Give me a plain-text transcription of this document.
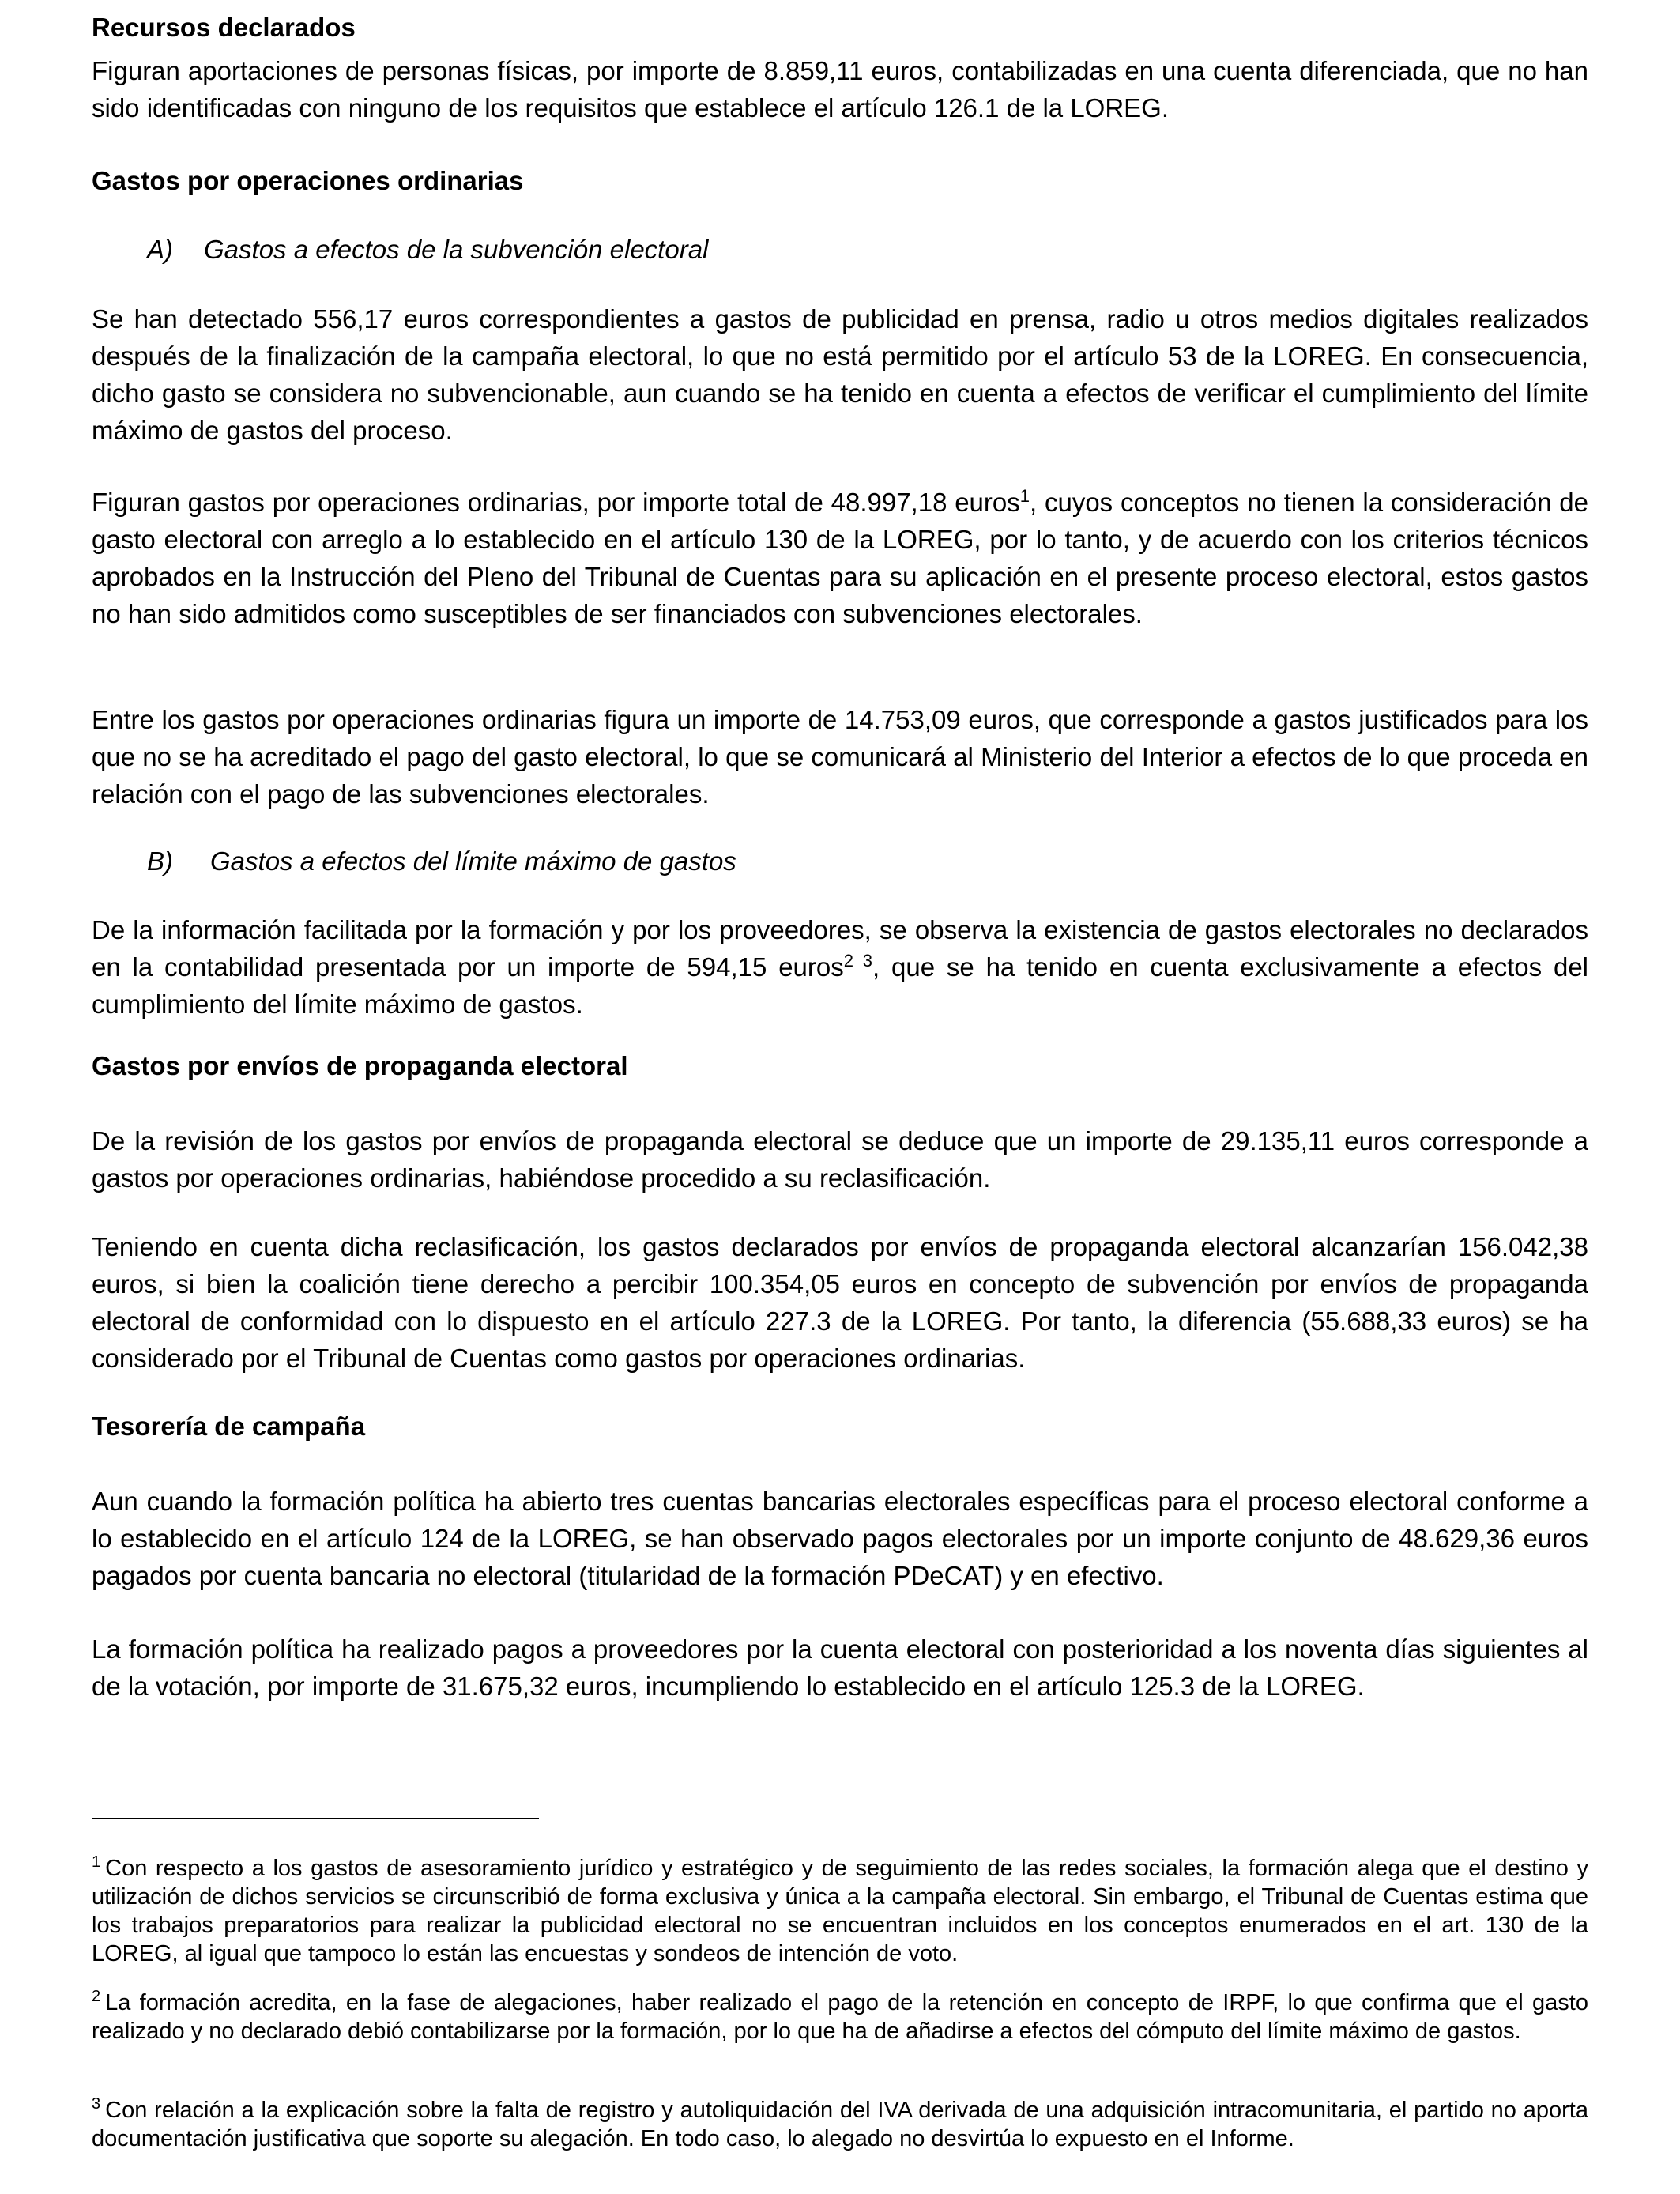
Recursos declarados

Figuran aportaciones de personas físicas, por importe de 8.859,11 euros, contabilizadas en una cuenta diferenciada, que no han sido identificadas con ninguno de los requisitos que establece el artículo 126.1 de la LOREG.

Gastos por operaciones ordinarias

A) Gastos a efectos de la subvención electoral

Se han detectado 556,17 euros correspondientes a gastos de publicidad en prensa, radio u otros medios digitales realizados después de la finalización de la campaña electoral, lo que no está permitido por el artículo 53 de la LOREG. En consecuencia, dicho gasto se considera no subvencionable, aun cuando se ha tenido en cuenta a efectos de verificar el cumplimiento del límite máximo de gastos del proceso.

Figuran gastos por operaciones ordinarias, por importe total de 48.997,18 euros$^1$, cuyos conceptos no tienen la consideración de gasto electoral con arreglo a lo establecido en el artículo 130 de la LOREG, por lo tanto, y de acuerdo con los criterios técnicos aprobados en la Instrucción del Pleno del Tribunal de Cuentas para su aplicación en el presente proceso electoral, estos gastos no han sido admitidos como susceptibles de ser financiados con subvenciones electorales.

Entre los gastos por operaciones ordinarias figura un importe de 14.753,09 euros, que corresponde a gastos justificados para los que no se ha acreditado el pago del gasto electoral, lo que se comunicará al Ministerio del Interior a efectos de lo que proceda en relación con el pago de las subvenciones electorales.

B) Gastos a efectos del límite máximo de gastos

De la información facilitada por la formación y por los proveedores, se observa la existencia de gastos electorales no declarados en la contabilidad presentada por un importe de 594,15 euros$^{2 3}$, que se ha tenido en cuenta exclusivamente a efectos del cumplimiento del límite máximo de gastos.

Gastos por envíos de propaganda electoral

De la revisión de los gastos por envíos de propaganda electoral se deduce que un importe de 29.135,11 euros corresponde a gastos por operaciones ordinarias, habiéndose procedido a su reclasificación.

Teniendo en cuenta dicha reclasificación, los gastos declarados por envíos de propaganda electoral alcanzarían 156.042,38 euros, si bien la coalición tiene derecho a percibir 100.354,05 euros en concepto de subvención por envíos de propaganda electoral de conformidad con lo dispuesto en el artículo 227.3 de la LOREG. Por tanto, la diferencia (55.688,33 euros) se ha considerado por el Tribunal de Cuentas como gastos por operaciones ordinarias.

Tesorería de campaña

Aun cuando la formación política ha abierto tres cuentas bancarias electorales específicas para el proceso electoral conforme a lo establecido en el artículo 124 de la LOREG, se han observado pagos electorales por un importe conjunto de 48.629,36 euros pagados por cuenta bancaria no electoral (titularidad de la formación PDeCAT) y en efectivo.

La formación política ha realizado pagos a proveedores por la cuenta electoral con posterioridad a los noventa días siguientes al de la votación, por importe de 31.675,32 euros, incumpliendo lo establecido en el artículo 125.3 de la LOREG.

$^1$ Con respecto a los gastos de asesoramiento jurídico y estratégico y de seguimiento de las redes sociales, la formación alega que el destino y utilización de dichos servicios se circunscribió de forma exclusiva y única a la campaña electoral. Sin embargo, el Tribunal de Cuentas estima que los trabajos preparatorios para realizar la publicidad electoral no se encuentran incluidos en los conceptos enumerados en el art. 130 de la LOREG, al igual que tampoco lo están las encuestas y sondeos de intención de voto.

$^2$ La formación acredita, en la fase de alegaciones, haber realizado el pago de la retención en concepto de IRPF, lo que confirma que el gasto realizado y no declarado debió contabilizarse por la formación, por lo que ha de añadirse a efectos del cómputo del límite máximo de gastos.

$^3$ Con relación a la explicación sobre la falta de registro y autoliquidación del IVA derivada de una adquisición intracomunitaria, el partido no aporta documentación justificativa que soporte su alegación. En todo caso, lo alegado no desvirtúa lo expuesto en el Informe.
